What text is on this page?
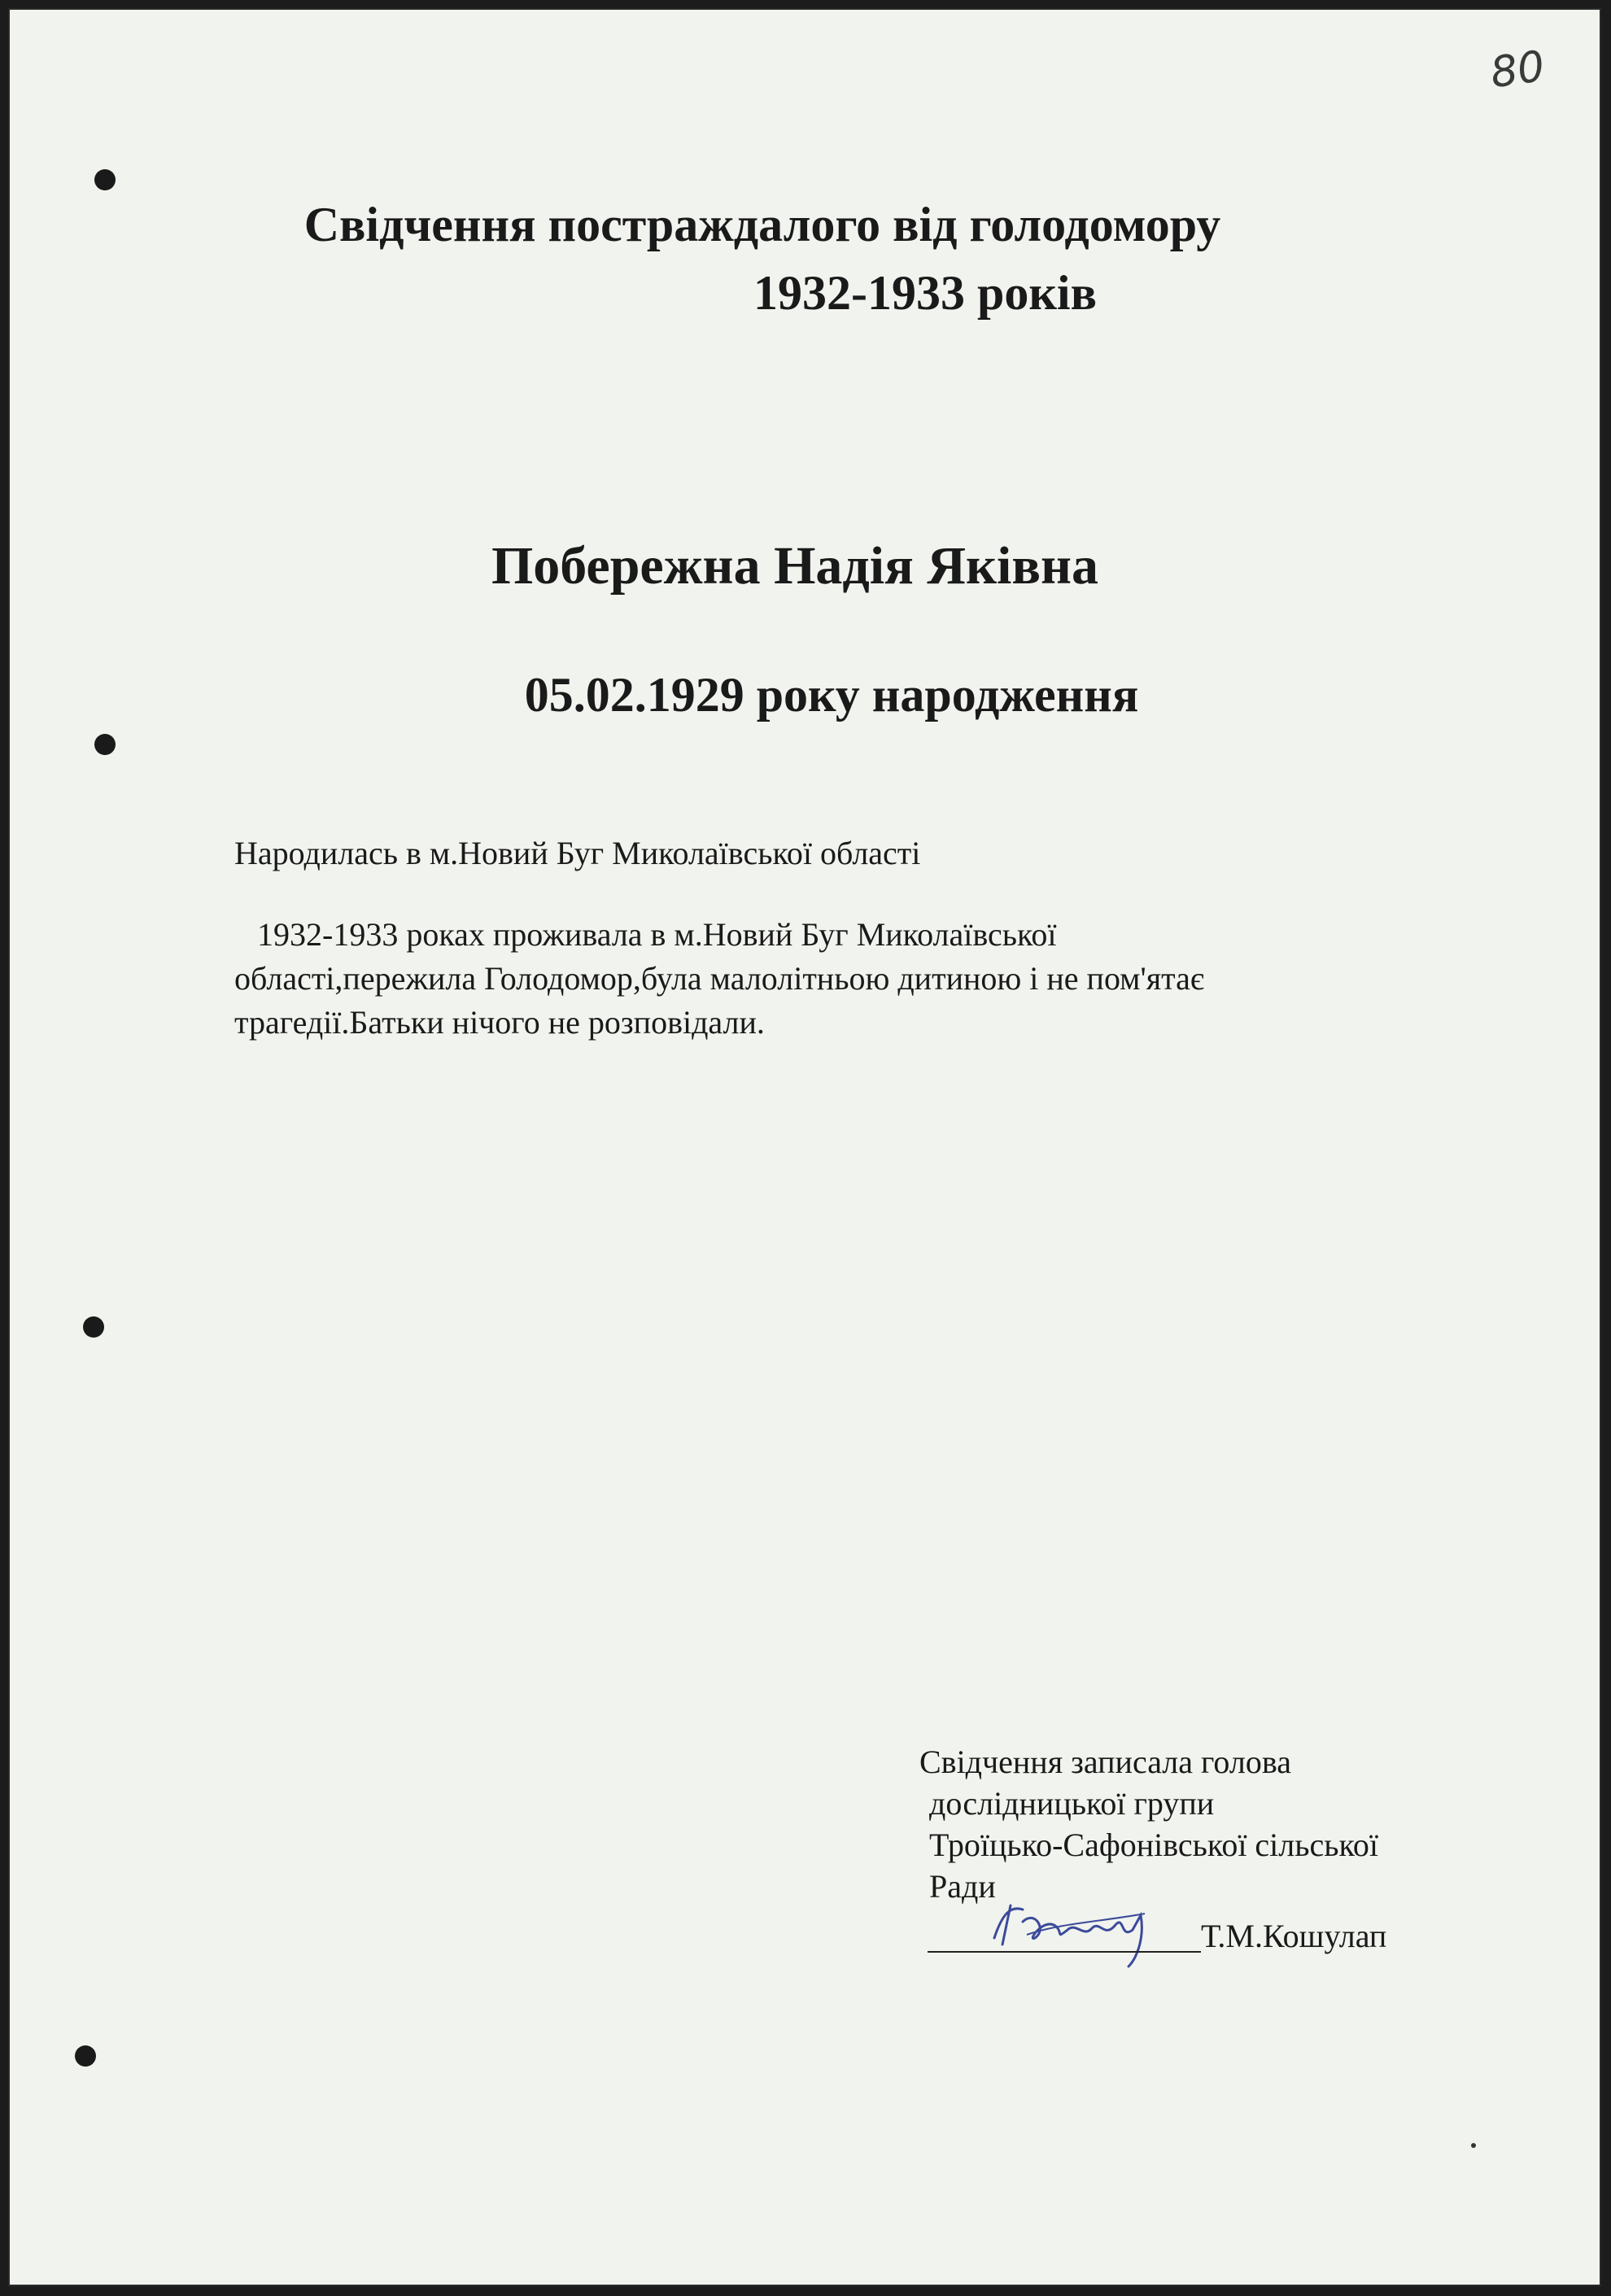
80
Свідчення постраждалого від голодомору
1932-1933 років
Побережна Надія Яківна
05.02.1929 року народження
Народилась в м.Новий Буг Миколаївської області
1932-1933 роках проживала в м.Новий Буг Миколаївської
області,пережила Голодомор,була малолітньою дитиною і не пом'ятає
трагедії.Батьки нічого не розповідали.
Свідчення записала голова
дослідницької групи
Троїцько-Сафонівської сільської
Ради
Т.М.Кошулап
